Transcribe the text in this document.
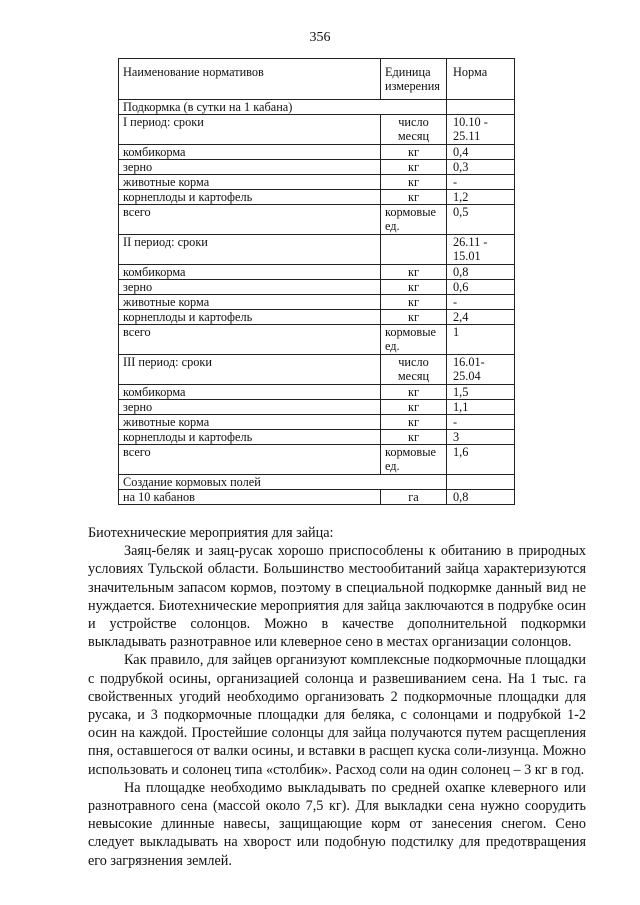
356
Наименование нормативов	Единица измерения	Норма
Подкормка (в сутки на 1 кабана)		
I период: сроки	число месяц	10.10 - 25.11
комбикорма	кг	0,4
зерно	кг	0,3
животные корма	кг	-
корнеплоды и картофель	кг	1,2
всего	кормовые ед.	0,5
II период: сроки		26.11 - 15.01
комбикорма	кг	0,8
зерно	кг	0,6
животные корма	кг	-
корнеплоды и картофель	кг	2,4
всего	кормовые ед.	1
III период: сроки	число месяц	16.01- 25.04
комбикорма	кг	1,5
зерно	кг	1,1
животные корма	кг	-
корнеплоды и картофель	кг	3
всего	кормовые ед.	1,6
Создание кормовых полей		
на 10 кабанов	га	0,8

Биотехнические мероприятия для зайца:

Заяц-беляк и заяц-русак хорошо приспособлены к обитанию в природных условиях Тульской области. Большинство местообитаний зайца характеризуются значительным запасом кормов, поэтому в специальной подкормке данный вид не нуждается. Биотехнические мероприятия для зайца заключаются в подрубке осин и устройстве солонцов. Можно в качестве дополнительной подкормки выкладывать разнотравное или клеверное сено в местах организации солонцов.

Как правило, для зайцев организуют комплексные подкормочные площадки с подрубкой осины, организацией солонца и развешиванием сена. На 1 тыс. га свойственных угодий необходимо организовать 2 подкормочные площадки для русака, и 3 подкормочные площадки для беляка, с солонцами и подрубкой 1-2 осин на каждой. Простейшие солонцы для зайца получаются путем расщепления пня, оставшегося от валки осины, и вставки в расщеп куска соли-лизунца. Можно использовать и солонец типа «столбик». Расход соли на один солонец – 3 кг в год.

На площадке необходимо выкладывать по средней охапке клеверного или разнотравного сена (массой около 7,5 кг). Для выкладки сена нужно соорудить невысокие длинные навесы, защищающие корм от занесения снегом. Сено следует выкладывать на хворост или подобную подстилку для предотвращения его загрязнения землей.
